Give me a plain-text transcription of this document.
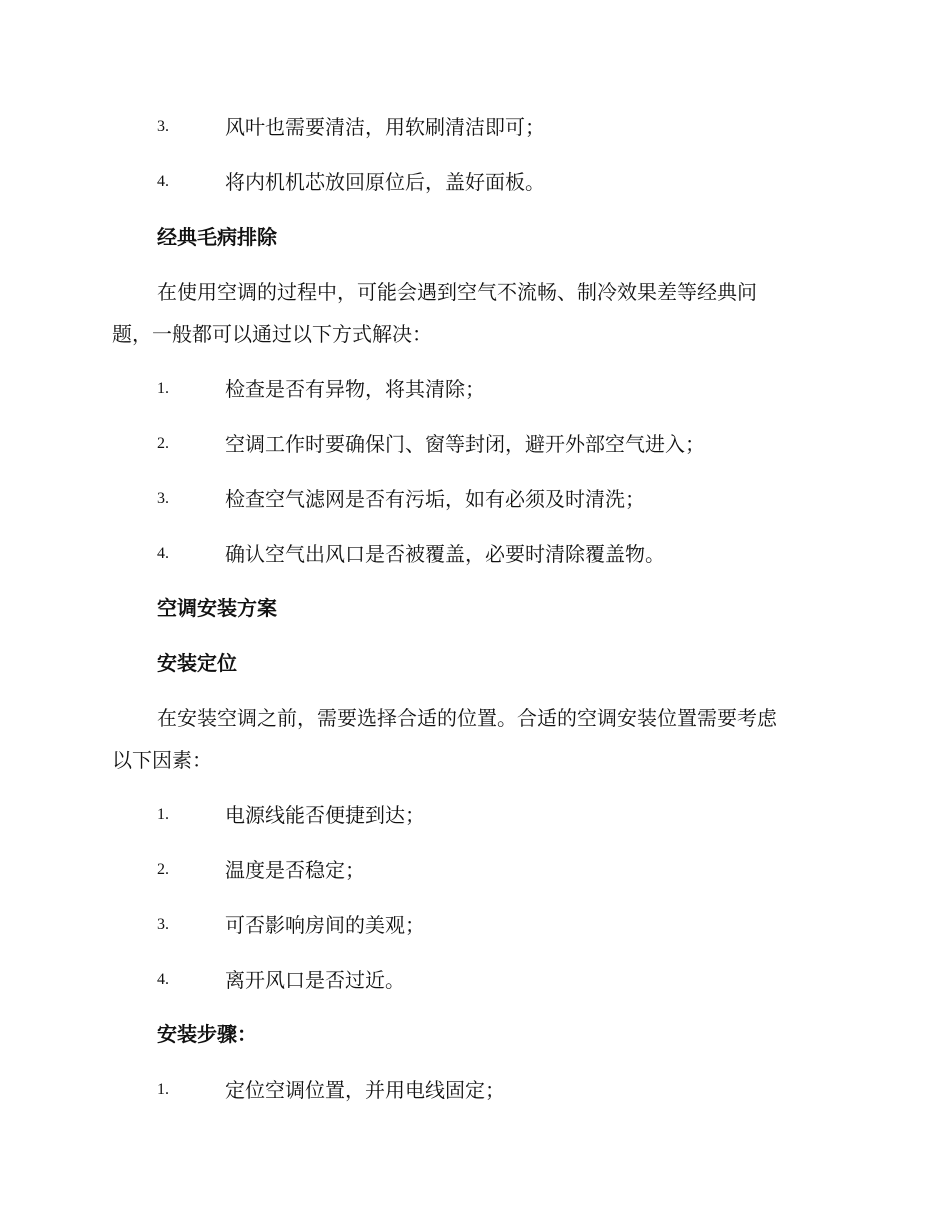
3.	风叶也需要清洁，用软刷清洁即可；
4.	将内机机芯放回原位后，盖好面板。
经典毛病排除
在使用空调的过程中，可能会遇到空气不流畅、制冷效果差等经典问
题，一般都可以通过以下方式解决：
1.	检查是否有异物，将其清除；
2.	空调工作时要确保门、窗等封闭，避开外部空气进入；
3.	检查空气滤网是否有污垢，如有必须及时清洗；
4.	确认空气出风口是否被覆盖，必要时清除覆盖物。
空调安装方案
安装定位
在安装空调之前，需要选择合适的位置。合适的空调安装位置需要考虑
以下因素：
1.	电源线能否便捷到达；
2.	温度是否稳定；
3.	可否影响房间的美观；
4.	离开风口是否过近。
安装步骤：
1.	定位空调位置，并用电线固定；
